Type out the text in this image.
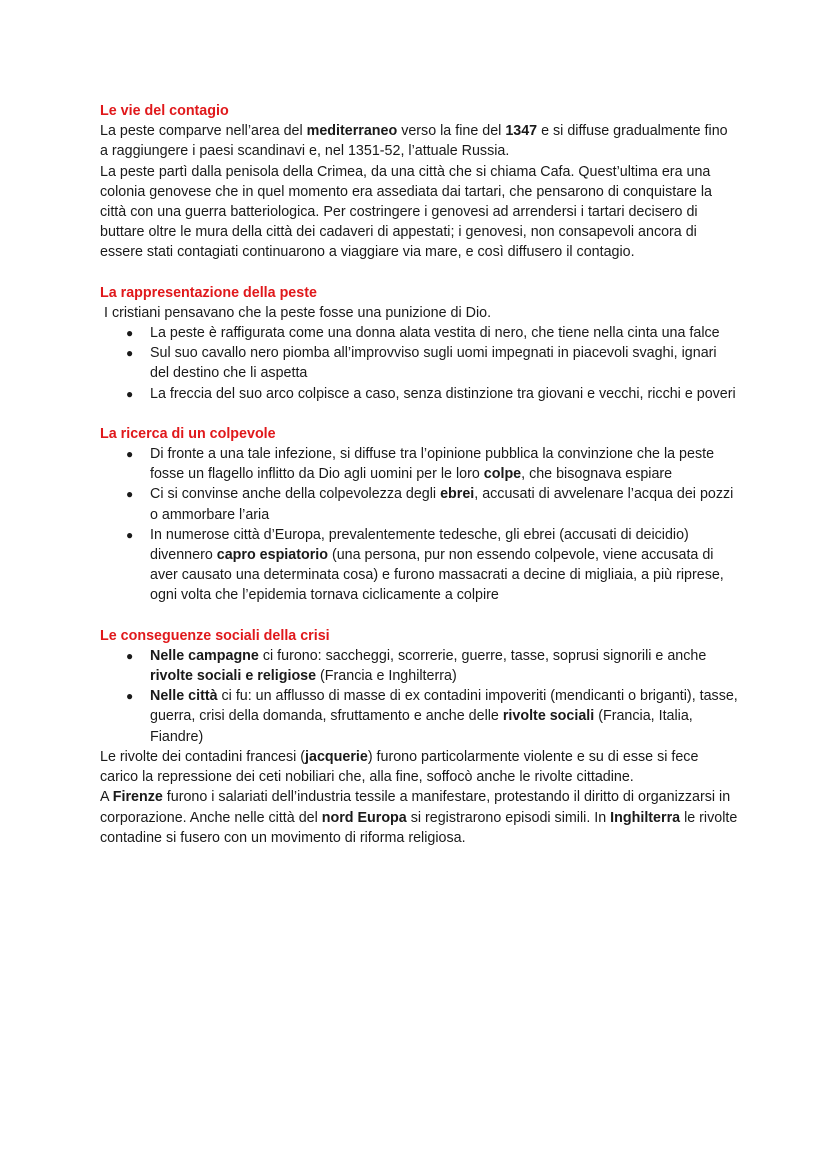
Le vie del contagio

La peste comparve nell’area del mediterraneo verso la fine del 1347 e si diffuse gradualmente fino a raggiungere i paesi scandinavi e, nel 1351-52, l’attuale Russia.

La peste partì dalla penisola della Crimea, da una città che si chiama Cafa. Quest’ultima era una colonia genovese che in quel momento era assediata dai tartari, che pensarono di conquistare la città con una guerra batteriologica. Per costringere i genovesi ad arrendersi i tartari decisero di buttare oltre le mura della città dei cadaveri di appestati; i genovesi, non consapevoli ancora di essere stati contagiati continuarono a viaggiare via mare, e così diffusero il contagio.

La rappresentazione della peste

I cristiani pensavano che la peste fosse una punizione di Dio.

● La peste è raffigurata come una donna alata vestita di nero, che tiene nella cinta una falce
● Sul suo cavallo nero piomba all’improvviso sugli uomi impegnati in piacevoli svaghi, ignari del destino che li aspetta
● La freccia del suo arco colpisce a caso, senza distinzione tra giovani e vecchi, ricchi e poveri
La ricerca di un colpevole
● Di fronte a una tale infezione, si diffuse tra l’opinione pubblica la convinzione che la peste fosse un flagello inflitto da Dio agli uomini per le loro colpe, che bisognava espiare
● Ci si convinse anche della colpevolezza degli ebrei, accusati di avvelenare l’acqua dei pozzi o ammorbare l’aria
● In numerose città d’Europa, prevalentemente tedesche, gli ebrei (accusati di deicidio) divennero capro espiatorio (una persona, pur non essendo colpevole, viene accusata di aver causato una determinata cosa) e furono massacrati a decine di migliaia, a più riprese, ogni volta che l’epidemia tornava ciclicamente a colpire
Le conseguenze sociali della crisi
● Nelle campagne ci furono: saccheggi, scorrerie, guerre, tasse, soprusi signorili e anche rivolte sociali e religiose (Francia e Inghilterra)
● Nelle città ci fu: un afflusso di masse di ex contadini impoveriti (mendicanti o briganti), tasse, guerra, crisi della domanda, sfruttamento e anche delle rivolte sociali (Francia, Italia, Fiandre)

Le rivolte dei contadini francesi (jacquerie) furono particolarmente violente e su di esse si fece carico la repressione dei ceti nobiliari che, alla fine, soffocò anche le rivolte cittadine.

A Firenze furono i salariati dell’industria tessile a manifestare, protestando il diritto di organizzarsi in corporazione. Anche nelle città del nord Europa si registrarono episodi simili. In Inghilterra le rivolte contadine si fusero con un movimento di riforma religiosa.
